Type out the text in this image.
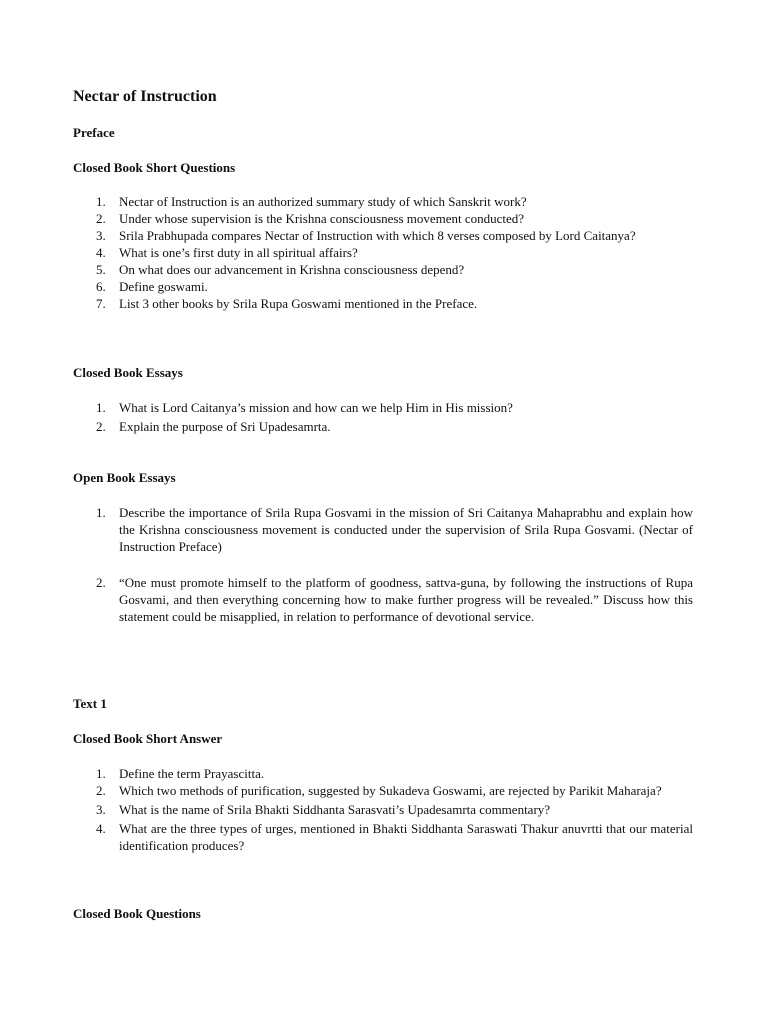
Nectar of Instruction
Preface
Closed Book Short Questions
1. Nectar of Instruction is an authorized summary study of which Sanskrit work?
2. Under whose supervision is the Krishna consciousness movement conducted?
3. Srila Prabhupada compares Nectar of Instruction with which 8 verses composed by Lord Caitanya?
4. What is one’s first duty in all spiritual affairs?
5. On what does our advancement in Krishna consciousness depend?
6. Define goswami.
7. List 3 other books by Srila Rupa Goswami mentioned in the Preface.
Closed Book Essays
1. What is Lord Caitanya’s mission and how can we help Him in His mission?
2. Explain the purpose of Sri Upadesamrta.
Open Book Essays
1. Describe the importance of Srila Rupa Gosvami in the mission of Sri Caitanya Mahaprabhu and explain how the Krishna consciousness movement is conducted under the supervision of Srila Rupa Gosvami. (Nectar of Instruction Preface)
2. “One must promote himself to the platform of goodness, sattva-guna, by following the instructions of Rupa Gosvami, and then everything concerning how to make further progress will be revealed.” Discuss how this statement could be misapplied, in relation to performance of devotional service.
Text 1
Closed Book Short Answer
1. Define the term Prayascitta.
2. Which two methods of purification, suggested by Sukadeva Goswami, are rejected by Parikit Maharaja?
3. What is the name of Srila Bhakti Siddhanta Sarasvati’s Upadesamrta commentary?
4. What are the three types of urges, mentioned in Bhakti Siddhanta Saraswati Thakur anuvrtti that our material identification produces?
Closed Book Questions
